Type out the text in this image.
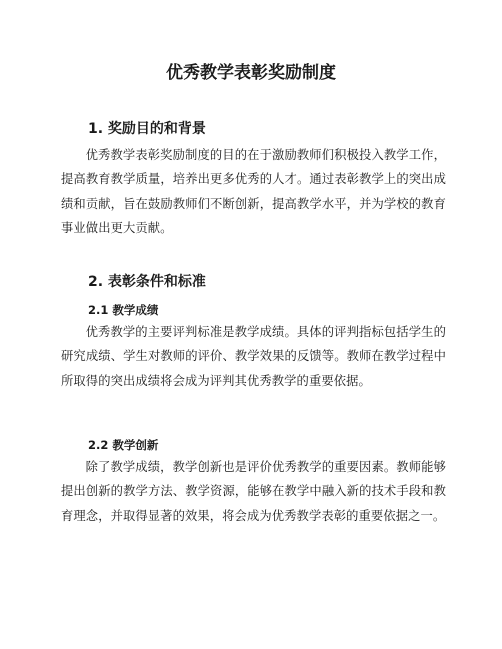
优秀教学表彰奖励制度
1. 奖励目的和背景

优秀教学表彰奖励制度的目的在于激励教师们积极投入教学工作，提高教育教学质量，培养出更多优秀的人才。通过表彰教学上的突出成绩和贡献，旨在鼓励教师们不断创新，提高教学水平，并为学校的教育事业做出更大贡献。

2. 表彰条件和标准
2.1 教学成绩

优秀教学的主要评判标准是教学成绩。具体的评判指标包括学生的研究成绩、学生对教师的评价、教学效果的反馈等。教师在教学过程中所取得的突出成绩将会成为评判其优秀教学的重要依据。

2.2 教学创新

除了教学成绩，教学创新也是评价优秀教学的重要因素。教师能够提出创新的教学方法、教学资源，能够在教学中融入新的技术手段和教育理念，并取得显著的效果，将会成为优秀教学表彰的重要依据之一。
